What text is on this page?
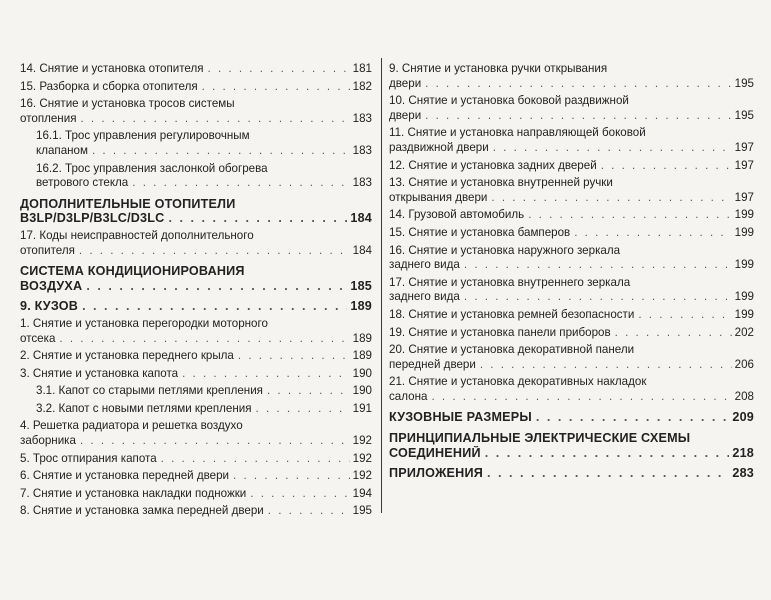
14. Снятие и установка отопителя . . .	181
15. Разборка и сборка отопителя . . .	182
16. Снятие и установка тросов системы
отопления . . .	183
16.1. Трос управления регулировочным
клапаном . . .	183
16.2. Трос управления заслонкой обогрева
ветрового стекла . . .	183
ДОПОЛНИТЕЛЬНЫЕ ОТОПИТЕЛИ
B3LP/D3LP/B3LC/D3LC . . .	184
17. Коды неисправностей дополнительного
отопителя . . .	184
СИСТЕМА КОНДИЦИОНИРОВАНИЯ
ВОЗДУХА . . .	185
9. КУЗОВ . . .	189
1. Снятие и установка перегородки моторного
отсека . . .	189
2. Снятие и установка переднего крыла . . .	189
3. Снятие и установка капота . . .	190
3.1. Капот со старыми петлями крепления . . .	190
3.2. Капот с новыми петлями крепления . . .	191
4. Решетка радиатора и решетка воздухо
заборника . . .	192
5. Трос отпирания капота . . .	192
6. Снятие и установка передней двери . . .	192
7. Снятие и установка накладки подножки . . .	194
8. Снятие и установка замка передней двери . . .	195
9. Снятие и установка ручки открывания
двери . . .	195
10. Снятие и установка боковой раздвижной
двери . . .	195
11. Снятие и установка направляющей боковой
раздвижной двери . . .	197
12. Снятие и установка задних дверей . . .	197
13. Снятие и установка внутренней ручки
открывания двери . . .	197
14. Грузовой автомобиль . . .	199
15. Снятие и установка бамперов . . .	199
16. Снятие и установка наружного зеркала
заднего вида . . .	199
17. Снятие и установка внутреннего зеркала
заднего вида . . .	199
18. Снятие и установка ремней безопасности . . .	199
19. Снятие и установка панели приборов . . .	202
20. Снятие и установка декоративной панели
передней двери . . .	206
21. Снятие и установка декоративных накладок
салона . . .	208
КУЗОВНЫЕ РАЗМЕРЫ . . .	209
ПРИНЦИПИАЛЬНЫЕ ЭЛЕКТРИЧЕСКИЕ СХЕМЫ
СОЕДИНЕНИЙ . . .	218
ПРИЛОЖЕНИЯ . . .	283
